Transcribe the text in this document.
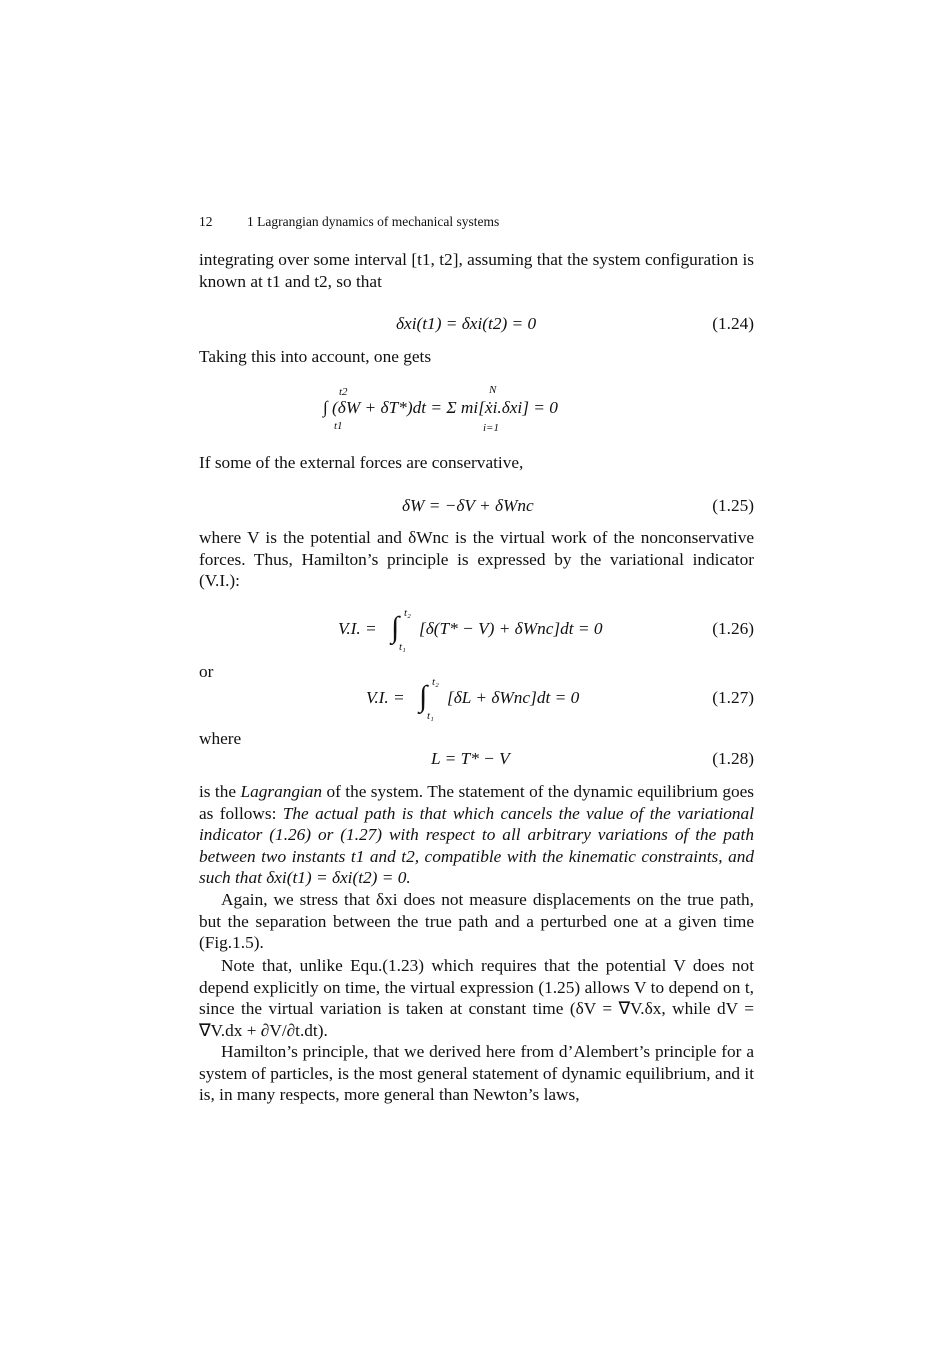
12	1 Lagrangian dynamics of mechanical systems
integrating over some interval [t1, t2], assuming that the system configuration is known at t1 and t2, so that
δxi(t1) = δxi(t2) = 0	(1.24)
Taking this into account, one gets
∫ (δW + δT*)dt = Σ mi[ẋi.δxi] = 0
t2
t1
N
i=1
If some of the external forces are conservative,
δW = −δV + δWnc	(1.25)
where V is the potential and δWnc is the virtual work of the nonconservative forces. Thus, Hamilton’s principle is expressed by the variational indicator (V.I.):
V.I. = [δ(T* − V) + δWnc]dt = 0
t₂
t₁
∫	(1.26)
or
V.I. = [δL + δWnc]dt = 0
t₂
t₁
∫	(1.27)
where
L = T* − V	(1.28)
is the Lagrangian of the system. The statement of the dynamic equilibrium goes as follows: The actual path is that which cancels the value of the variational indicator (1.26) or (1.27) with respect to all arbitrary variations of the path between two instants t1 and t2, compatible with the kinematic constraints, and such that δxi(t1) = δxi(t2) = 0.
Again, we stress that δxi does not measure displacements on the true path, but the separation between the true path and a perturbed one at a given time (Fig.1.5).
Note that, unlike Equ.(1.23) which requires that the potential V does not depend explicitly on time, the virtual expression (1.25) allows V to depend on t, since the virtual variation is taken at constant time (δV = ∇V.δx, while dV = ∇V.dx + ∂V/∂t.dt).
Hamilton’s principle, that we derived here from d’Alembert’s principle for a system of particles, is the most general statement of dynamic equilibrium, and it is, in many respects, more general than Newton’s laws,
